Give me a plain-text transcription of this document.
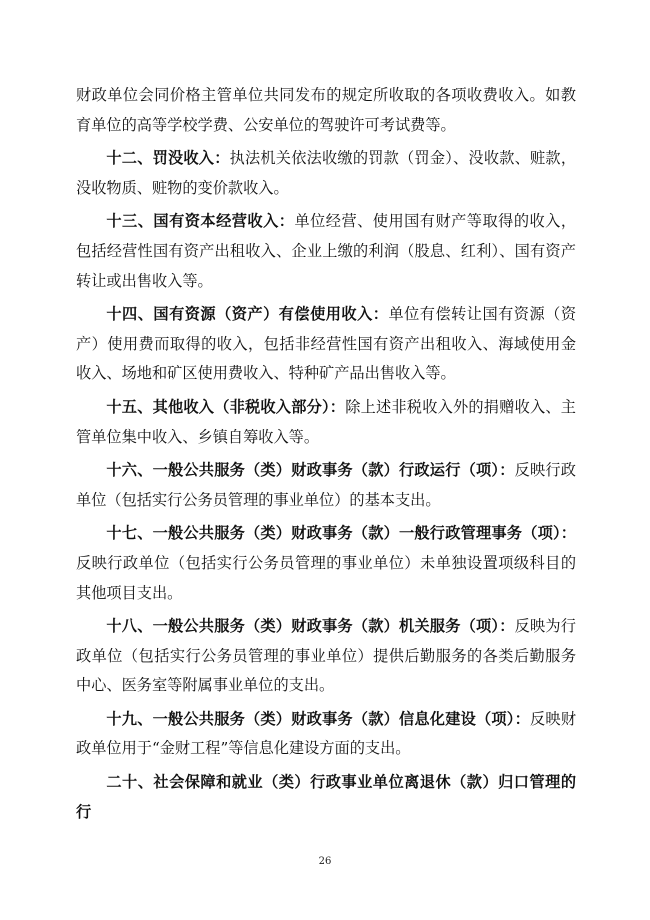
财政单位会同价格主管单位共同发布的规定所收取的各项收费收入。如教育单位的高等学校学费、公安单位的驾驶许可考试费等。

十二、罚没收入：执法机关依法收缴的罚款（罚金）、没收款、赃款，没收物质、赃物的变价款收入。

十三、国有资本经营收入：单位经营、使用国有财产等取得的收入，包括经营性国有资产出租收入、企业上缴的利润（股息、红利）、国有资产转让或出售收入等。

十四、国有资源（资产）有偿使用收入：单位有偿转让国有资源（资产）使用费而取得的收入，包括非经营性国有资产出租收入、海域使用金收入、场地和矿区使用费收入、特种矿产品出售收入等。

十五、其他收入（非税收入部分）：除上述非税收入外的捐赠收入、主管单位集中收入、乡镇自筹收入等。

十六、一般公共服务（类）财政事务（款）行政运行（项）：反映行政单位（包括实行公务员管理的事业单位）的基本支出。

十七、一般公共服务（类）财政事务（款）一般行政管理事务（项）：反映行政单位（包括实行公务员管理的事业单位）未单独设置项级科目的其他项目支出。

十八、一般公共服务（类）财政事务（款）机关服务（项）：反映为行政单位（包括实行公务员管理的事业单位）提供后勤服务的各类后勤服务中心、医务室等附属事业单位的支出。

十九、一般公共服务（类）财政事务（款）信息化建设（项）：反映财政单位用于“金财工程”等信息化建设方面的支出。

二十、社会保障和就业（类）行政事业单位离退休（款）归口管理的行

26
